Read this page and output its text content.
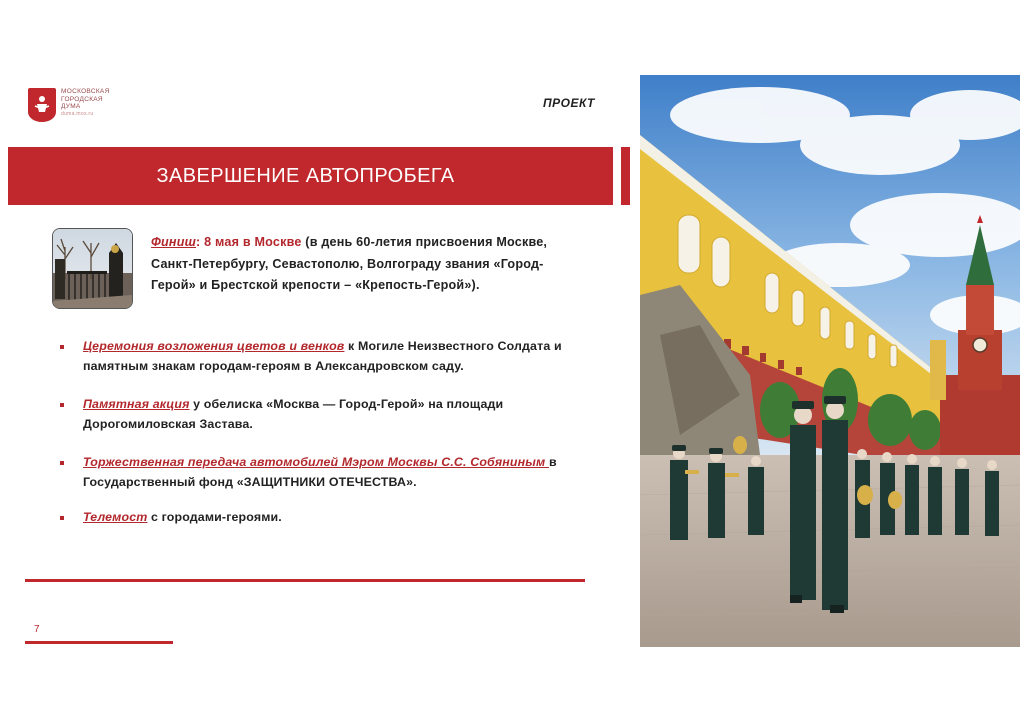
МОСКОВСКАЯ
ГОРОДСКАЯ
ДУМА
duma.mos.ru
ПРОЕКТ
ЗАВЕРШЕНИЕ АВТОПРОБЕГА
Финиш: 8 мая в Москве (в день 60-летия присвоения Москве, Санкт-Петербургу, Севастополю, Волгограду звания «Город-Герой» и Брестской крепости – «Крепость-Герой»).
Церемония возложения цветов и венков к Могиле Неизвестного Солдата и памятным знакам городам-героям в Александровском саду.
Памятная акция у обелиска «Москва — Город-Герой» на площади Дорогомиловская Застава.
Торжественная передача автомобилей Мэром Москвы С.С. Собяниным в Государственный фонд «ЗАЩИТНИКИ ОТЕЧЕСТВА».
Телемост с городами-героями.
7
